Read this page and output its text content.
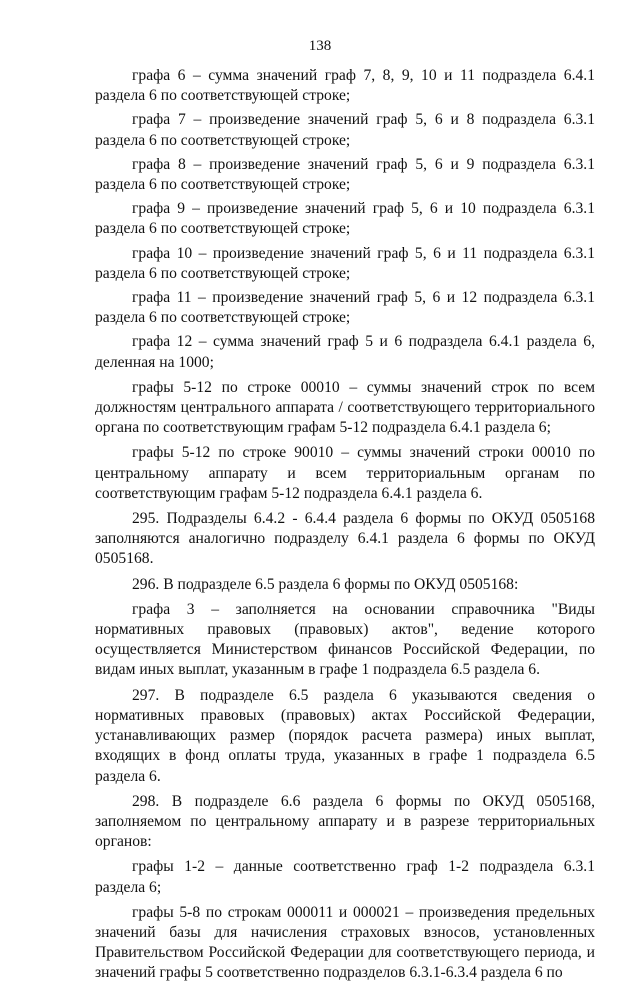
138

графа 6 – сумма значений граф 7, 8, 9, 10 и 11 подраздела 6.4.1 раздела 6 по соответствующей строке;

графа 7 – произведение значений граф 5, 6 и 8 подраздела 6.3.1 раздела 6 по соответствующей строке;

графа 8 – произведение значений граф 5, 6 и 9 подраздела 6.3.1 раздела 6 по соответствующей строке;

графа 9 – произведение значений граф 5, 6 и 10 подраздела 6.3.1 раздела 6 по соответствующей строке;

графа 10 – произведение значений граф 5, 6 и 11 подраздела 6.3.1 раздела 6 по соответствующей строке;

графа 11 – произведение значений граф 5, 6 и 12 подраздела 6.3.1 раздела 6 по соответствующей строке;

графа 12 – сумма значений граф 5 и 6 подраздела 6.4.1 раздела 6, деленная на 1000;

графы 5-12 по строке 00010 – суммы значений строк по всем должностям центрального аппарата / соответствующего территориального органа по соответствующим графам 5-12 подраздела 6.4.1 раздела 6;

графы 5-12 по строке 90010 – суммы значений строки 00010 по центральному аппарату и всем территориальным органам по соответствующим графам 5-12 подраздела 6.4.1 раздела 6.

295. Подразделы 6.4.2 - 6.4.4 раздела 6 формы по ОКУД 0505168 заполняются аналогично подразделу 6.4.1 раздела 6 формы по ОКУД 0505168.

296. В подразделе 6.5 раздела 6 формы по ОКУД 0505168:

графа 3 – заполняется на основании справочника "Виды нормативных правовых (правовых) актов", ведение которого осуществляется Министерством финансов Российской Федерации, по видам иных выплат, указанным в графе 1 подраздела 6.5 раздела 6.

297. В подразделе 6.5 раздела 6 указываются сведения о нормативных правовых (правовых) актах Российской Федерации, устанавливающих размер (порядок расчета размера) иных выплат, входящих в фонд оплаты труда, указанных в графе 1 подраздела 6.5 раздела 6.

298. В подразделе 6.6 раздела 6 формы по ОКУД 0505168, заполняемом по центральному аппарату и в разрезе территориальных органов:

графы 1-2 – данные соответственно граф 1-2 подраздела 6.3.1 раздела 6;

графы 5-8 по строкам 000011 и 000021 – произведения предельных значений базы для начисления страховых взносов, установленных Правительством Российской Федерации для соответствующего периода, и значений графы 5 соответственно подразделов 6.3.1-6.3.4 раздела 6 по
